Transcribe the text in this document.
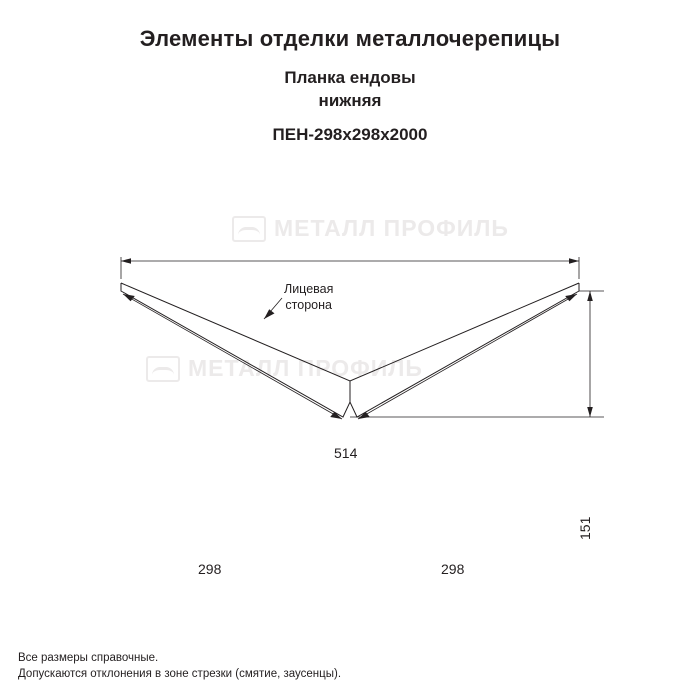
Элементы отделки металлочерепицы
Планка ендовы
нижняя
ПЕН-298х298х2000
МЕТАЛЛ ПРОФИЛЬ
МЕТАЛЛ ПРОФИЛЬ
514
298	298
151
Лицевая
сторона
Все размеры справочные.
Допускаются отклонения в зоне стрезки (смятие, заусенцы).
